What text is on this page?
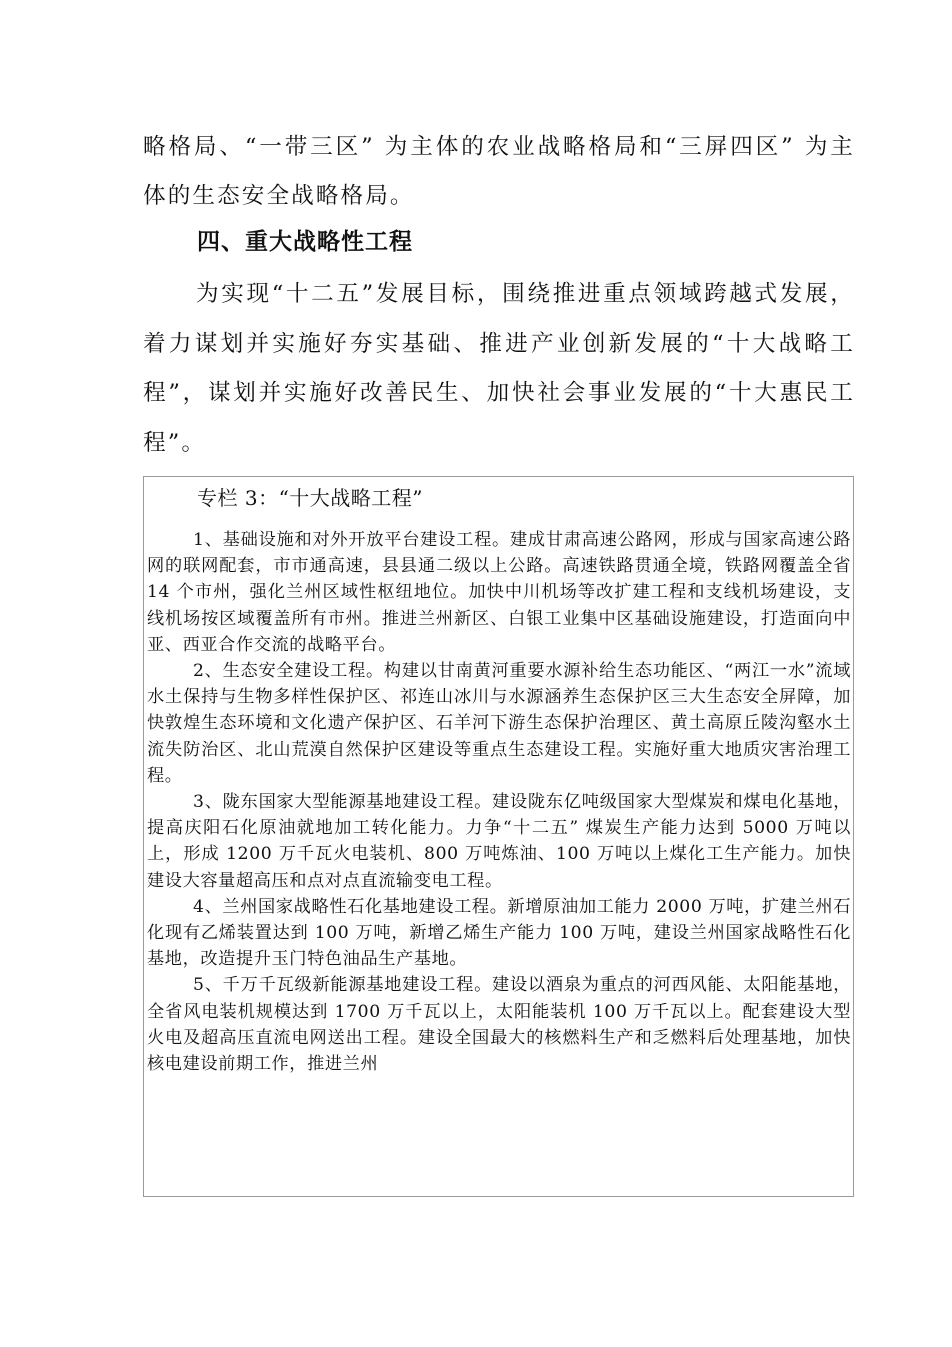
略格局、“一带三区” 为主体的农业战略格局和“三屏四区” 为主体的生态安全战略格局。

四、重大战略性工程

为实现“十二五”发展目标，围绕推进重点领域跨越式发展，着力谋划并实施好夯实基础、推进产业创新发展的“十大战略工程”，谋划并实施好改善民生、加快社会事业发展的“十大惠民工程”。

专栏 3：“十大战略工程”

1、基础设施和对外开放平台建设工程。建成甘肃高速公路网，形成与国家高速公路网的联网配套，市市通高速，县县通二级以上公路。高速铁路贯通全境，铁路网覆盖全省 14 个市州，强化兰州区域性枢纽地位。加快中川机场等改扩建工程和支线机场建设，支线机场按区域覆盖所有市州。推进兰州新区、白银工业集中区基础设施建设，打造面向中亚、西亚合作交流的战略平台。

2、生态安全建设工程。构建以甘南黄河重要水源补给生态功能区、“两江一水”流域水土保持与生物多样性保护区、祁连山冰川与水源涵养生态保护区三大生态安全屏障，加快敦煌生态环境和文化遗产保护区、石羊河下游生态保护治理区、黄土高原丘陵沟壑水土流失防治区、北山荒漠自然保护区建设等重点生态建设工程。实施好重大地质灾害治理工程。

3、陇东国家大型能源基地建设工程。建设陇东亿吨级国家大型煤炭和煤电化基地，提高庆阳石化原油就地加工转化能力。力争“十二五” 煤炭生产能力达到 5000 万吨以上，形成 1200 万千瓦火电装机、800 万吨炼油、100 万吨以上煤化工生产能力。加快建设大容量超高压和点对点直流输变电工程。

4、兰州国家战略性石化基地建设工程。新增原油加工能力 2000 万吨，扩建兰州石化现有乙烯装置达到 100 万吨，新增乙烯生产能力 100 万吨，建设兰州国家战略性石化基地，改造提升玉门特色油品生产基地。

5、千万千瓦级新能源基地建设工程。建设以酒泉为重点的河西风能、太阳能基地，全省风电装机规模达到 1700 万千瓦以上，太阳能装机 100 万千瓦以上。配套建设大型火电及超高压直流电网送出工程。建设全国最大的核燃料生产和乏燃料后处理基地，加快核电建设前期工作，推进兰州
